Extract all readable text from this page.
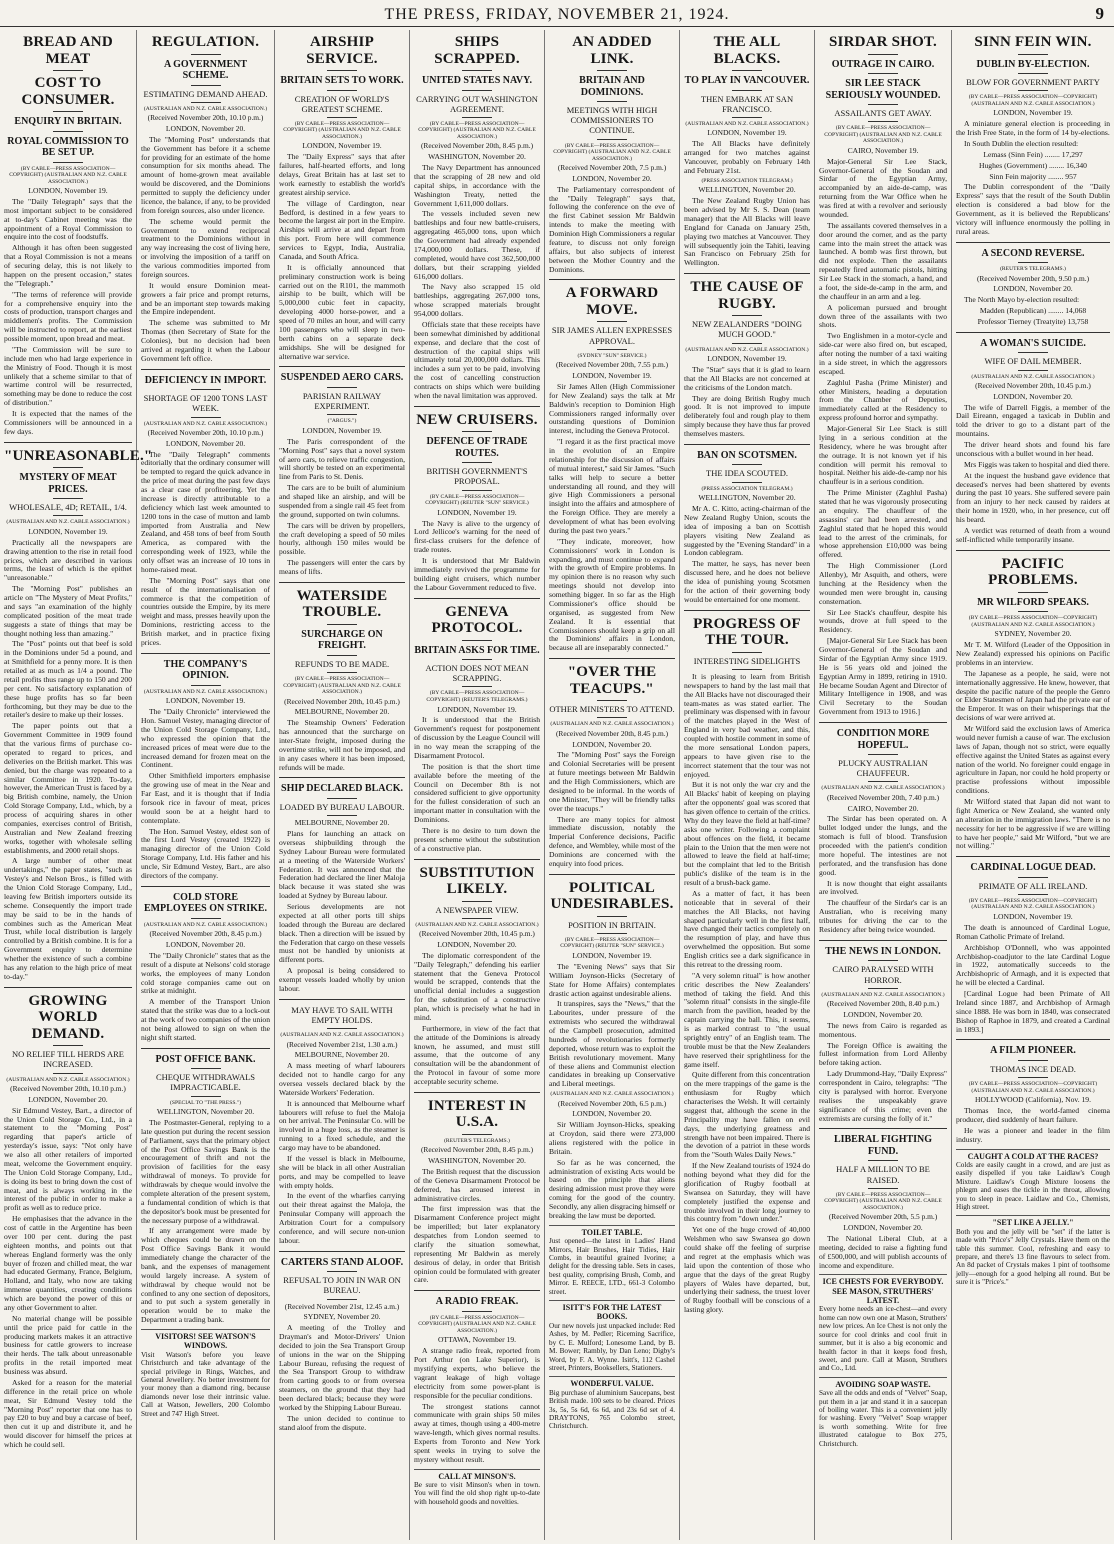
THE PRESS, FRIDAY, NOVEMBER 21, 1924.	9
BREAD AND MEAT
COST TO CONSUMER.
ENQUIRY IN BRITAIN.
ROYAL COMMISSION TO BE SET UP.
(BY CABLE—PRESS ASSOCIATION—COPYRIGHT) (AUSTRALIAN AND N.Z. CABLE ASSOCIATION.)
LONDON, November 19.

The "Daily Telegraph" says that the most important subject to be considered at to-day's Cabinet meeting was the appointment of a Royal Commission to enquire into the cost of foodstuffs.

Although it has often been suggested that a Royal Commission is not a means of securing delay, this is not likely to happen on the present occasion," states the "Telegraph."

"The terms of reference will provide for a comprehensive enquiry into the costs of production, transport charges and middlemen's profits. The Commission will be instructed to report, at the earliest possible moment, upon bread and meat.

"The Commission will be sure to include men who had large experience in the Ministry of Food. Though it is most unlikely that a scheme similar to that of wartime control will be resurrected, something may be done to reduce the cost of distribution."

It is expected that the names of the Commissioners will be announced in a few days.

"UNREASONABLE."
MYSTERY OF MEAT PRICES.
WHOLESALE, 4D; RETAIL, 1/4.
(AUSTRALIAN AND N.Z. CABLE ASSOCIATION.)
LONDON, November 19.

Practically all the newspapers are drawing attention to the rise in retail food prices, which are described in various terms, the least of which is the epithet "unreasonable."

The "Morning Post" publishes an article on "The Mystery of Meat Profits," and says "an examination of the highly complicated position of the meat trade suggests a state of things that may be thought nothing less than amazing."

The "Post" points out that beef is sold in the Dominions under 5d a pound, and at Smithfield for a penny more. It is then retailed at as much as 1/4 a pound. The retail profits thus range up to 150 and 200 per cent. No satisfactory explanation of these huge profits has so far been forthcoming, but they may be due to the retailer's desire to make up their losses.

The paper points out that a Government Committee in 1909 found that the various firms of purchase co-operated to regard to prices, and deliveries on the British market. This was denied, but the charge was repeated to a similar Committee in 1920. To-day, however, the American Trust is faced by a big British combine, namely, the Union Cold Storage Company, Ltd., which, by a process of acquiring shares in other companies, exercises control of British, Australian and New Zealand freezing works, together with wholesale selling establishments, and 2000 retail shops.

A large number of other meat undertakings," the paper states, "such as Vestey's and Nelson Bros., is filled with the Union Cold Storage Company, Ltd., leaving few British importers outside its scheme. Consequently the import trade may be said to be in the hands of combines such as the American Meat Trust, while local distribution is largely controlled by a British combine. It is for a Government enquiry to determine whether the existence of such a combine has any relation to the high price of meat to-day."

GROWING WORLD DEMAND.
NO RELIEF TILL HERDS ARE INCREASED.
(AUSTRALIAN AND N.Z. CABLE ASSOCIATION.)
(Received November 20th, 10.10 p.m.)
LONDON, November 20.

Sir Edmund Vestey, Bart., a director of the Union Cold Storage Co., Ltd., in a statement to the "Morning Post" regarding that paper's article of yesterday's issue, says: "Not only have we also all other retailers of imported meat, welcome the Government enquiry. The Union Cold Storage Company, Ltd., is doing its best to bring down the cost of meat, and is always working in the interest of the public in order to make a profit as well as to reduce price.

He emphasises that the advance in the cost of cattle in the Argentine has been over 100 per cent. during the past eighteen months, and points out that whereas England formerly was the only buyer of frozen and chilled meat, the war had educated Germany, France, Belgium, Holland, and Italy, who now are taking immense quantities, creating conditions which are beyond the power of this or any other Government to alter.

No material change will be possible until the price paid for cattle in the producing markets makes it an attractive business for cattle growers to increase their herds. The talk about unreasonable profits in the retail imported meat business was absurd.

Asked for a reason for the material difference in the retail price on whole meat, Sir Edmund Vestey told the "Morning Post" reporter that one has to pay £20 to buy and buy a carcase of beef, then cut it up and distribute it, and he would discover for himself the prices at which he could sell.

REGULATION.
A GOVERNMENT SCHEME.
ESTIMATING DEMAND AHEAD.
(AUSTRALIAN AND N.Z. CABLE ASSOCIATION.)
(Received November 20th, 10.10 p.m.)
LONDON, November 20.

The "Morning Post" understands that the Government has before it a scheme for providing for an estimate of the home consumption for six months ahead. The amount of home-grown meat available would be discovered, and the Dominions permitted to supply the deficiency under licence, the balance, if any, to be provided from foreign sources, also under licence.

The scheme would permit the Government to extend reciprocal treatment to the Dominions without in any way increasing the cost of living here, or involving the imposition of a tariff on the various commodities imported from foreign sources.

It would ensure Dominion meat-growers a fair price and prompt returns, and be an important step towards making the Empire independent.

The scheme was submitted to Mr Thomas (then Secretary of State for the Colonies), but no decision had been arrived at regarding it when the Labour Government left office.

DEFICIENCY IN IMPORT.
SHORTAGE OF 1200 TONS LAST WEEK.
(AUSTRALIAN AND N.Z. CABLE ASSOCIATION.)
(Received November 20th, 10.10 p.m.)
LONDON, November 20.

The "Daily Telegraph" comments editorially that the ordinary consumer will be tempted to regard the quick advance in the price of meat during the past few days as a clear case of profiteering. Yet the increase is directly attributable to a deficiency which last week amounted to 1200 tons in the case of mutton and lamb imported from Australia and New Zealand, and 458 tons of beef from South America, as compared with the corresponding week of 1923, while the only offset was an increase of 10 tons in home-raised meat.

The "Morning Post" says that one result of the internationalisation of commerce is that the competition of countries outside the Empire, by its mere weight and mass, presses heavily upon the Dominions, restricting access to the British market, and in practice fixing prices.

THE COMPANY'S OPINION.
(AUSTRALIAN AND N.Z. CABLE ASSOCIATION.)
LONDON, November 19.

The "Daily Chronicle" interviewed the Hon. Samuel Vestey, managing director of the Union Cold Storage Company, Ltd., who expressed the opinion that the increased prices of meat were due to the increased demand for frozen meat on the Continent.

Other Smithfield importers emphasise the growing use of meat in the Near and Far East, and it is thought that if India forsook rice in favour of meat, prices would soon be at a height hard to contemplate.

The Hon. Samuel Vestey, eldest son of the first Lord Vestey (created 1922) is managing director of the Union Cold Storage Company, Ltd. His father and his uncle, Sir Edmund Vestey, Bart., are also directors of the company.

COLD STORE EMPLOYEES ON STRIKE.
(AUSTRALIAN AND N.Z. CABLE ASSOCIATION.)
(Received November 20th, 8.45 p.m.)
LONDON, November 20.

The "Daily Chronicle" states that as the result of a dispute at Nelsons' cold storage works, the employees of many London cold storage companies came out on strike at midnight.

A member of the Transport Union stated that the strike was due to a lock-out at the work of two companies of the union not being allowed to sign on when the night shift started.

POST OFFICE BANK.
CHEQUE WITHDRAWALS IMPRACTICABLE.
(SPECIAL TO "THE PRESS.")
WELLINGTON, November 20.

The Postmaster-General, replying to a late question put during the recent session of Parliament, says that the primary object of the Post Office Savings Bank is the encouragement of thrift and not the provision of facilities for the easy withdrawal of moneys. To provide for withdrawals by cheque would involve the complete alteration of the present system, a fundamental condition of which is that the depositor's book must be presented for the necessary purpose of a withdrawal.

If any arrangement were made by which cheques could be drawn on the Post Office Savings Bank it would immediately change the character of the bank, and the expenses of management would largely increase. A system of withdrawal by cheque would not be confined to any one section of depositors, and to put such a system generally in operation would be to make the Department a trading bank.

VISITORS! SEE WATSON'S WINDOWS.
Visit Watson's before you leave Christchurch and take advantage of the special privilege in Rings, Watches, and General Jewellery. No better investment for your money than a diamond ring, because diamonds never lose their intrinsic value. Call at Watson, Jewellers, 200 Colombo Street and 747 High Street.
AIRSHIP SERVICE.
BRITAIN SETS TO WORK.
CREATION OF WORLD'S GREATEST SCHEME.
(BY CABLE—PRESS ASSOCIATION—COPYRIGHT) (AUSTRALIAN AND N.Z. CABLE ASSOCIATION.)
LONDON, November 19.

The "Daily Express" says that after failures, half-hearted efforts, and long delays, Great Britain has at last set to work earnestly to establish the world's greatest airship service.

The village of Cardington, near Bedford, is destined in a few years to become the largest air port in the Empire. Airships will arrive at and depart from this port. From here will commence services to Egypt, India, Australia, Canada, and South Africa.

It is officially announced that preliminary construction work is being carried out on the R101, the mammoth airship to be built, which will be 5,000,000 cubic feet in capacity, developing 4000 horse-power, and a speed of 70 miles an hour, and will carry 100 passengers who will sleep in two-berth cabins on a separate deck amidships. She will be designed for alternative war service.

SUSPENDED AERO CARS.
PARISIAN RAILWAY EXPERIMENT.
("ARGUS.")
LONDON, November 19.

The Paris correspondent of the "Morning Post" says that a novel system of aero cars, to relieve traffic congestion, will shortly be tested on an experimental line from Paris to St. Denis.

The cars are to be built of aluminium and shaped like an airship, and will be suspended from a single rail 45 feet from the ground, supported on twin columns.

The cars will be driven by propellers, the craft developing a speed of 50 miles hourly, although 150 miles would be possible.

The passengers will enter the cars by means of lifts.

WATERSIDE TROUBLE.
SURCHARGE ON FREIGHT.
REFUNDS TO BE MADE.
(BY CABLE—PRESS ASSOCIATION—COPYRIGHT) (AUSTRALIAN AND N.Z. CABLE ASSOCIATION.)
(Received November 20th, 10.45 p.m.)
MELBOURNE, November 20.

The Steamship Owners' Federation has announced that the surcharge on inter-State freight, imposed during the overtime strike, will not be imposed, and in any cases where it has been imposed, refunds will be made.

SHIP DECLARED BLACK.
LOADED BY BUREAU LABOUR.
MELBOURNE, November 20.

Plans for launching an attack on overseas shipbuilding through the Sydney Labour Bureau were formulated at a meeting of the Waterside Workers' Federation. It was announced that the Federation had declared the liner Maloja black because it was stated she was loaded at Sydney by Bureau labour.

Serious developments are not expected at all other ports till ships loaded through the Bureau are declared black. Then a direction will be issued by the Federation that cargo on these vessels must not be handled by unionists at different ports.

A proposal is being considered to exempt vessels loaded wholly by union labour.

MAY HAVE TO SAIL WITH EMPTY HOLDS.
(AUSTRALIAN AND N.Z. CABLE ASSOCIATION.)
(Received November 21st, 1.30 a.m.)
MELBOURNE, November 20.

A mass meeting of wharf labourers decided not to handle cargo for any oversea vessels declared black by the Waterside Workers' Federation.

It is announced that Melbourne wharf labourers will refuse to fuel the Maloja on her arrival. The Peninsular Co. will be involved in a huge loss, as the steamer is running to a fixed schedule, and the cargo may have to be abandoned.

If the vessel is black in Melbourne, she will be black in all other Australian ports, and may be compelled to leave with empty holds.

In the event of the wharfies carrying out their threat against the Maloja, the Peninsular Company will approach the Arbitration Court for a compulsory conference, and will secure non-union labour.

CARTERS STAND ALOOF.
REFUSAL TO JOIN IN WAR ON BUREAU.
(Received November 21st, 12.45 a.m.)
SYDNEY, November 20.

A meeting of the Trolley and Drayman's and Motor-Drivers' Union decided to join the Sea Transport Group of unions in the war on the Shipping Labour Bureau, refusing the request of the Sea Transport Group to withdraw from carting goods to or from oversea steamers, on the ground that they had been declared black; because they were worked by the Shipping Labour Bureau.

The union decided to continue to stand aloof from the dispute.

SHIPS SCRAPPED.
UNITED STATES NAVY.
CARRYING OUT WASHINGTON AGREEMENT.
(BY CABLE—PRESS ASSOCIATION—COPYRIGHT) (AUSTRALIAN AND N.Z. CABLE ASSOCIATION.)
(Received November 20th, 8.45 p.m.)
WASHINGTON, November 20.

The Navy Department has announced that the scrapping of 28 new and old capital ships, in accordance with the Washington Treaty, netted the Government 1,611,000 dollars.

The vessels included seven new battleships and four new battle-cruisers, aggregating 465,000 tons, upon which the Government had already expended 174,000,000 dollars. These, if completed, would have cost 362,500,000 dollars, but their scrapping yielded 616,000 dollars.

The Navy also scrapped 15 old battleships, aggregating 267,000 tons, whose scrapped materials brought 954,000 dollars.

Officials state that these receipts have been somewhat diminished by additional expense, and declare that the cost of destruction of the capital ships will ultimately total 20,000,000 dollars. This includes a sum yet to be paid, involving the cost of cancelling construction contracts on ships which were building when the naval limitation was approved.

NEW CRUISERS.
DEFENCE OF TRADE ROUTES.
BRITISH GOVERNMENT'S PROPOSAL.
(BY CABLE—PRESS ASSOCIATION—COPYRIGHT) (REUTER "SUN" SERVICE.)
LONDON, November 19.

The Navy is alive to the urgency of Lord Jellicoe's warning for the need of first-class cruisers for the defence of trade routes.

It is understood that Mr Baldwin immediately revived the programme for building eight cruisers, which number the Labour Government reduced to five.

GENEVA PROTOCOL.
BRITAIN ASKS FOR TIME.
ACTION DOES NOT MEAN SCRAPPING.
(BY CABLE—PRESS ASSOCIATION—COPYRIGHT) (REUTER'S TELEGRAMS.)
LONDON, November 19.

It is understood that the British Government's request for postponement of discussion by the League Council will in no way mean the scrapping of the Disarmament Protocol.

The position is that the short time available before the meeting of the Council on December 8th is not considered sufficient to give opportunity for the fullest consideration of such an important matter in consultation with the Dominions.

There is no desire to turn down the present scheme without the substitution of a constructive plan.

SUBSTITUTION LIKELY.
A NEWSPAPER VIEW.
(AUSTRALIAN AND N.Z. CABLE ASSOCIATION.)
(Received November 20th, 10.45 p.m.)
LONDON, November 20.

The diplomatic correspondent of the "Daily Telegraph," defending his earlier statement that the Geneva Protocol would be scrapped, contends that the unofficial denial includes a suggestion for the substitution of a constructive plan, which is precisely what he had in mind.

Furthermore, in view of the fact that the attitude of the Dominions is already known, he assumed, and must still assume, that the outcome of any consultation will be the abandonment of the Protocol in favour of some more acceptable security scheme.

INTEREST IN U.S.A.
(REUTER'S TELEGRAMS.)
(Received November 20th, 8.45 p.m.)
WASHINGTON, November 20.

The British request that the discussion of the Geneva Disarmament Protocol be deferred, has aroused interest in administrative circles.

The first impression was that the Disarmament Conference project might be imperilled; but later explanatory despatches from London seemed to clarify the situation somewhat, representing Mr Baldwin as merely desirous of delay, in order that British opinion could be formulated with greater care.

A RADIO FREAK.
(BY CABLE—PRESS ASSOCIATION—COPYRIGHT) (AUSTRALIAN AND N.Z. CABLE ASSOCIATION.)
OTTAWA, November 19.

A strange radio freak, reported from Port Arthur (on Lake Superior), is mystifying experts, who believe the vagrant leakage of high voltage electricity from some power-plant is responsible for the peculiar conditions.

The strongest stations cannot communicate with grain ships 50 miles away at times, though using a 400-metre wave-length, which gives normal results. Experts from Toronto and New York spent weeks in trying to solve the mystery without result.

CALL AT MINSON'S.
Be sure to visit Minson's when in town. You will find the old shop right up-to-date with household goods and novelties.
AN ADDED LINK.
BRITAIN AND DOMINIONS.
MEETINGS WITH HIGH COMMISSIONERS TO CONTINUE.
(BY CABLE—PRESS ASSOCIATION—COPYRIGHT) (AUSTRALIAN AND N.Z. CABLE ASSOCIATION.)
(Received November 20th, 7.5 p.m.)
LONDON, November 20.

The Parliamentary correspondent of the "Daily Telegraph" says that, following the conference on the eve of the first Cabinet session Mr Baldwin intends to make the meeting with Dominion High Commissioners a regular feature, to discuss not only foreign affairs, but also subjects of interest between the Mother Country and the Dominions.

A FORWARD MOVE.
SIR JAMES ALLEN EXPRESSES APPROVAL.
(SYDNEY "SUN" SERVICE.)
(Received November 20th, 7.55 p.m.)
LONDON, November 19.

Sir James Allen (High Commissioner for New Zealand) says the talk at Mr Baldwin's reception to Dominion High Commissioners ranged informally over outstanding questions of Dominion interest, including the Geneva Protocol.

"I regard it as the first practical move in the evolution of an Empire relationship for the discussion of affairs of mutual interest," said Sir James. "Such talks will help to secure a better understanding all round, and they will give High Commissioners a personal insight into the affairs and atmosphere of the Foreign Office. They are merely a development of what has been evolving during the past two years."

"They indicate, moreover, how Commissioners' work in London is expanding, and must continue to expand with the growth of Empire problems. In my opinion there is no reason why such meetings should not develop into something bigger. In so far as the High Commissioner's office should be organised, as suggested from New Zealand. It is essential that Commissioners should keep a grip on all the Dominions' affairs in London, because all are inseparably connected."

"OVER THE TEACUPS."
OTHER MINISTERS TO ATTEND.
(AUSTRALIAN AND N.Z. CABLE ASSOCIATION.)
(Received November 20th, 8.45 p.m.)
LONDON, November 20.

The "Morning Post" says the Foreign and Colonial Secretaries will be present at future meetings between Mr Baldwin and the High Commissioners, which are designed to be informal. In the words of one Minister, "They will be friendly talks over the teacups."

There are many topics for almost immediate discussion, notably the Imperial Conference decisions, Pacific defence, and Wembley, while most of the Dominions are concerned with the enquiry into food prices.

POLITICAL UNDESIRABLES.
POSITION IN BRITAIN.
(BY CABLE—PRESS ASSOCIATION—COPYRIGHT) (REUTER "SUN" SERVICE.)
LONDON, November 19.

The "Evening News" says that Sir William Joynson-Hicks (Secretary of State for Home Affairs) contemplates drastic action against undesirable aliens.

It transpires, says the "News," that the Labourites, under pressure of the extremists who secured the withdrawal of the Campbell prosecution, admitted hundreds of revolutionaries formerly deported, whose return was to exploit the British revolutionary movement. Many of these aliens and Communist election candidates in breaking up Conservative and Liberal meetings.

(AUSTRALIAN AND N.Z. CABLE ASSOCIATION.)
(Received November 20th, 6.5 p.m.)
LONDON, November 20.

Sir William Joynson-Hicks, speaking at Croydon, said there were 273,000 aliens registered with the police in Britain.

So far as he was concerned, the administration of existing Acts would be based on the principle that aliens desiring admission must prove they were coming for the good of the country. Secondly, any alien disgracing himself or breaking the law must be deported.

TOILET TABLE.
Just opened—the latest in Ladies' Hand Mirrors, Hair Brushes, Hair Tidies, Hair Combs, in beautiful grained Ivorine; a delight for the dressing table. Sets in cases, best quality, comprising Brush, Comb, and Mirror. E. REECE, LTD., 661-3 Colombo street.
ISITT'S FOR THE LATEST BOOKS.
Our new novels just unpacked include: Red Ashes, by M. Pedler; Riceming Sacrifice, by C. E. Mulford; Lonesome Land, by B. M. Bower; Rambly, by Dan Leno; Digby's Word, by F. A. Wynne. Isitt's, 112 Cashel street, Printers, Booksellers, Stationers.
WONDERFUL VALUE.
Big purchase of aluminium Saucepans, best British made. 100 sets to be cleared. Prices 3s, 5s, 5s 6d, 6s 6d, and 23s 6d set of 4. DRAYTONS, 765 Colombo street, Christchurch.
THE ALL BLACKS.
TO PLAY IN VANCOUVER.
THEN EMBARK AT SAN FRANCISCO.
(AUSTRALIAN AND N.Z. CABLE ASSOCIATION.)
LONDON, November 19.

The All Blacks have definitely arranged for two matches against Vancouver, probably on February 14th and February 21st.

(PRESS ASSOCIATION TELEGRAM.)
WELLINGTON, November 20.

The New Zealand Rugby Union has been advised by Mr S. S. Dean (team manager) that the All Blacks will leave England for Canada on January 25th, playing two matches at Vancouver. They will subsequently join the Tahiti, leaving San Francisco on February 25th for Wellington.

THE CAUSE OF RUGBY.
NEW ZEALANDERS "DOING MUCH GOOD."
(AUSTRALIAN AND N.Z. CABLE ASSOCIATION.)
LONDON, November 19.

The "Star" says that it is glad to learn that the All Blacks are not concerned at the criticisms of the London match.

They are doing British Rugby much good. It is not improved to impute deliberately foul and rough play to them simply because they have thus far proved themselves masters.

BAN ON SCOTSMEN.
THE IDEA SCOUTED.
(PRESS ASSOCIATION TELEGRAM.)
WELLINGTON, November 20.

Mr A. C. Kitto, acting-chairman of the New Zealand Rugby Union, scouts the idea of imposing a ban on Scottish players visiting New Zealand as suggested by the "Evening Standard" in a London cablegram.

The matter, he says, has never been discussed here, and he does not believe the idea of punishing young Scotsmen for the action of their governing body would be entertained for one moment.

PROGRESS OF THE TOUR.
INTERESTING SIDELIGHTS

It is pleasing to learn from British newspapers to hand by the last mail that the All Blacks have not discouraged their team-mates as was stated earlier. The preliminary was dispensed with in favour of the matches played in the West of England in very bad weather, and this, coupled with hostile comment in some of the more sensational London papers, appears to have given rise to the incorrect statement that the tour was not enjoyed.

But it is not only the war cry and the All Blacks' habit of keeping on playing after the opponents' goal was scored that has given offence to certain of the critics. Why do they leave the field at half-time? asks one writer. Following a complaint about offences on the field, it became plain to the Union that the men were not allowed to leave the field at half-time; but the complaint that led to the British public's dislike of the team is in the result of a brush-back game.

As a matter of fact, it has been noticeable that in several of their matches the All Blacks, not having shaped particularly well in the first half, have changed their tactics completely on the resumption of play, and have thus overwhelmed the opposition. But some English critics see a dark significance in this retreat to the dressing room.

"A very solemn ritual" is how another critic describes the New Zealanders' method of taking the field. And this "solemn ritual" consists in the single-file march from the pavilion, headed by the captain carrying the ball. This, it seems, is as marked contrast to "the usual sprightly entry" of an English team. The trouble must be that the New Zealanders have reserved their sprightliness for the game itself.

Quite different from this concentration on the mere trappings of the game is the enthusiasm for Rugby which characterises the Welsh. It will certainly suggest that, although the scene in the Principality may have fallen on evil days, the underlying greatness and strength have not been impaired. There is the devotion of a patriot in these words from the "South Wales Daily News."

If the New Zealand tourists of 1924 do nothing beyond what they did for the glorification of Rugby football at Swansea on Saturday, they will have completely justified the expense and trouble involved in their long journey to this country from "down under."

Yet one of the huge crowd of 40,000 Welshmen who saw Swansea go down could shake off the feeling of surprise and regret at the emphasis which was laid upon the contention of those who argue that the days of the great Rugby players of Wales have departed, but, underlying their sadness, the truest lover of Rugby football will be conscious of a lasting glory.

SIRDAR SHOT.
OUTRAGE IN CAIRO.
SIR LEE STACK SERIOUSLY WOUNDED.
ASSAILANTS GET AWAY.
(BY CABLE—PRESS ASSOCIATION—COPYRIGHT) (AUSTRALIAN AND N.Z. CABLE ASSOCIATION.)
CAIRO, November 19.

Major-General Sir Lee Stack, Governor-General of the Soudan and Sirdar of the Egyptian Army, accompanied by an aide-de-camp, was returning from the War Office when he was fired at with a revolver and seriously wounded.

The assailants covered themselves in a door around the corner, and as the party came into the main street the attack was launched. A bomb was first thrown, but did not explode. Then the assailants repeatedly fired automatic pistols, hitting Sir Lee Stack in the stomach, a hand, and a foot, the side-de-camp in the arm, and the chauffeur in an arm and a leg.

A policeman pursued and brought down three of the assailants with two shots.

Two Englishmen in a motor-cycle and side-car were also fired on, but escaped, after noting the number of a taxi waiting in a side street, in which the aggressors escaped.

Zaghlul Pasha (Prime Minister) and other Ministers, heading a deputation from the Chamber of Deputies, immediately called at the Residency to express profound horror and sympathy.

Major-General Sir Lee Stack is still lying in a serious condition at the Residency, where he was brought after the outrage. It is not known yet if his condition will permit his removal to hospital. Neither his aide-de-camp nor his chauffeur is in a serious condition.

The Prime Minister (Zaghlul Pasha) stated that he was vigorously prosecuting an enquiry. The chauffeur of the assassins' car had been arrested, and Zaghlul stated that he hoped this would lead to the arrest of the criminals, for whose apprehension £10,000 was being offered.

The High Commissioner (Lord Allenby), Mr Asquith, and others, were lunching at the Residency when the wounded men were brought in, causing consternation.

Sir Lee Stack's chauffeur, despite his wounds, drove at full speed to the Residency.

[Major-General Sir Lee Stack has been Governor-General of the Soudan and Sirdar of the Egyptian Army since 1919. He is 56 years old and joined the Egyptian Army in 1899, retiring in 1910. He became Soudan Agent and Director of Military Intelligence in 1908, and was Civil Secretary to the Soudan Government from 1913 to 1916.]

CONDITION MORE HOPEFUL.
PLUCKY AUSTRALIAN CHAUFFEUR.
(AUSTRALIAN AND N.Z. CABLE ASSOCIATION.)
(Received November 20th, 7.40 p.m.)
CAIRO, November 20.

The Sirdar has been operated on. A bullet lodged under the lungs, and the stomach is full of blood. Transfusion proceeded with the patient's condition more hopeful. The intestines are not perforated, and the transfusion has done good.

It is now thought that eight assailants are involved.

The chauffeur of the Sirdar's car is an Australian, who is receiving many tributes for driving the car to the Residency after being twice wounded.

THE NEWS IN LONDON.
CAIRO PARALYSED WITH HORROR.
(AUSTRALIAN AND N.Z. CABLE ASSOCIATION.)
(Received November 20th, 8.40 p.m.)
LONDON, November 20.

The news from Cairo is regarded as momentous.

The Foreign Office is awaiting the fullest information from Lord Allenby before taking action.

Lady Drummond-Hay, "Daily Express" correspondent in Cairo, telegraphs: "The city is paralysed with horror. Everyone realises the unspeakably grave significance of this crime; even the extremists are cursing the folly of it."

LIBERAL FIGHTING FUND.
HALF A MILLION TO BE RAISED.
(BY CABLE—PRESS ASSOCIATION—COPYRIGHT) (AUSTRALIAN AND N.Z. CABLE ASSOCIATION.)
(Received November 20th, 5.5 p.m.)
LONDON, November 20.

The National Liberal Club, at a meeting, decided to raise a fighting fund of £500,000, and will publish accounts of income and expenditure.

ICE CHESTS FOR EVERYBODY. SEE MASON, STRUTHERS' LATEST.
Every home needs an ice-chest—and every home can now own one at Mason, Struthers' new low prices. An Ice Chest is not only the source for cool drinks and cool fruit in summer, but it is also a big economic and health factor in that it keeps food fresh, sweet, and pure. Call at Mason, Struthers and Co., Ltd.
AVOIDING SOAP WASTE.
Save all the odds and ends of "Velvet" Soap, put them in a jar and stand it in a saucepan of boiling water. This is a convenient jelly for washing. Every "Velvet" Soap wrapper is worth something. Write for free illustrated catalogue to Box 275, Christchurch.
SINN FEIN WIN.
DUBLIN BY-ELECTION.
BLOW FOR GOVERNMENT PARTY
(BY CABLE—PRESS ASSOCIATION—COPYRIGHT) (AUSTRALIAN AND N.Z. CABLE ASSOCIATION.)
LONDON, November 19.

A miniature general election is proceeding in the Irish Free State, in the form of 14 by-elections.

In South Dublin the election resulted:

Lemass (Sinn Fein) ........ 17,297
Hughes (Government) ........ 16,340
Sinn Fein majority ........ 957

The Dublin correspondent of the "Daily Express" says that the result of the South Dublin election is considered a bad blow for the Government, as it is believed the Republicans' victory will influence enormously the polling in rural areas.

A SECOND REVERSE.
(REUTER'S TELEGRAMS.)
(Received November 20th, 9.50 p.m.)
LONDON, November 20.

The North Mayo by-election resulted:

Madden (Republican) ........ 14,068
Professor Tierney (Treatyite) 13,758
A WOMAN'S SUICIDE.
WIFE OF DAIL MEMBER.
(AUSTRALIAN AND N.Z. CABLE ASSOCIATION.)
(Received November 20th, 10.45 p.m.)
LONDON, November 20.

The wife of Darrell Figgis, a member of the Dail Eireann, engaged a taxicab in Dublin and told the driver to go to a distant part of the mountains.

The driver heard shots and found his fare unconscious with a bullet wound in her head.

Mrs Figgis was taken to hospital and died there.

At the inquest the husband gave evidence that deceased's nerves had been shattered by events during the past 10 years. She suffered severe pain from an injury to her neck caused by raiders at their home in 1920, who, in her presence, cut off his beard.

A verdict was returned of death from a wound self-inflicted while temporarily insane.

PACIFIC PROBLEMS.
MR WILFORD SPEAKS.
(BY CABLE—PRESS ASSOCIATION—COPYRIGHT) (AUSTRALIAN AND N.Z. CABLE ASSOCIATION.)
SYDNEY, November 20.

Mr T. M. Wilford (Leader of the Opposition in New Zealand) expressed his opinions on Pacific problems in an interview.

The Japanese as a people, he said, were not internationally aggressive. He knew, however, that despite the pacific nature of the people the Genro or Elder Statesmen of Japan had the private ear of the Emperor. It was on their whisperings that the decisions of war were arrived at.

Mr Wilford said the exclusion laws of America would never furnish a cause of war. The exclusion laws of Japan, though not so strict, were equally effective against the United States as against every nation of the world. No foreigner could engage in agriculture in Japan, nor could he hold property or practise professions without impossible conditions.

Mr Wilford stated that Japan did not want to fight America or New Zealand, she wanted only an alteration in the immigration laws. "There is no necessity for her to be aggressive if we are willing to have her people," said Mr Wilford, "but we are not willing."

CARDINAL LOGUE DEAD.
PRIMATE OF ALL IRELAND.
(BY CABLE—PRESS ASSOCIATION—COPYRIGHT) (AUSTRALIAN AND N.Z. CABLE ASSOCIATION.)
LONDON, November 19.

The death is announced of Cardinal Logue, Roman Catholic Primate of Ireland.

Archbishop O'Donnell, who was appointed Archbishop-coadjutor to the late Cardinal Logue in 1922, automatically succeeds to the Archbishopric of Armagh, and it is expected that he will be elected a Cardinal.

[Cardinal Logue had been Primate of All Ireland since 1887, and Archbishop of Armagh since 1888. He was born in 1840, was consecrated Bishop of Raphoe in 1879, and created a Cardinal in 1893.]

A FILM PIONEER.
THOMAS INCE DEAD.
(BY CABLE—PRESS ASSOCIATION—COPYRIGHT) (AUSTRALIAN AND N.Z. CABLE ASSOCIATION.)
HOLLYWOOD (California), Nov. 19.

Thomas Ince, the world-famed cinema producer, died suddenly of heart failure.

He was a pioneer and leader in the film industry.

CAUGHT A COLD AT THE RACES?
Colds are easily caught in a crowd, and are just as easily dispelled if you take Laidlaw's Cough Mixture. Laidlaw's Cough Mixture loosens the phlegm and eases the tickle in the throat, allowing you to sleep in peace. Laidlaw and Co., Chemists, High street.
"SET LIKE A JELLY."
Both you and the jelly will be "set" if the latter is made with "Price's" Jelly Crystals. Have them on the table this summer. Cool, refreshing and easy to prepare, and there's 13 fine flavours to select from. An 8d packet of Crystals makes 1 pint of toothsome jelly—enough for a good helping all round. But be sure it is "Price's."
